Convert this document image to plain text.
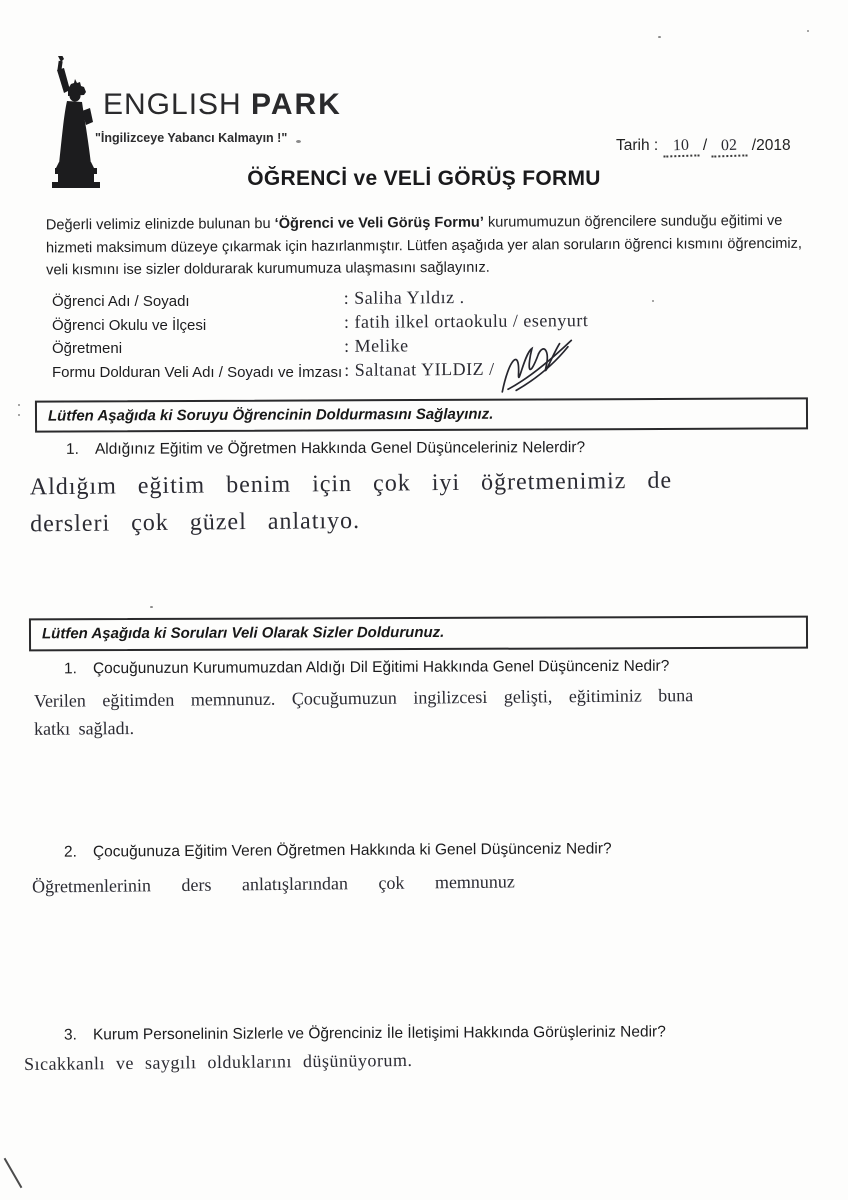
ENGLISH PARK
"İngilizceye Yabancı Kalmayın !"	Tarih : 10 / 02 /2018
ÖĞRENCİ ve VELİ GÖRÜŞ FORMU
Değerli velimiz elinizde bulunan bu ‘Öğrenci ve Veli Görüş Formu’ kurumumuzun öğrencilere sunduğu eğitimi ve
hizmeti maksimum düzeye çıkarmak için hazırlanmıştır. Lütfen aşağıda yer alan soruların öğrenci kısmını öğrencimiz,
veli kısmını ise sizler doldurarak kurumumuza ulaşmasını sağlayınız.
Öğrenci Adı / Soyadı
Öğrenci Okulu ve İlçesi
Öğretmeni
Formu Dolduran Veli Adı / Soyadı ve İmzası
: Saliha Yıldız .
: fatih ilkel ortaokulu / esenyurt
: Melike
: Saltanat YILDIZ /
Lütfen Aşağıda ki Soruyu Öğrencinin Doldurmasını Sağlayınız.
1. Aldığınız Eğitim ve Öğretmen Hakkında Genel Düşünceleriniz Nelerdir?
Aldığım eğitim benim için çok iyi öğretmenimiz de
dersleri çok güzel anlatıyo.
Lütfen Aşağıda ki Soruları Veli Olarak Sizler Doldurunuz.
1. Çocuğunuzun Kurumumuzdan Aldığı Dil Eğitimi Hakkında Genel Düşünceniz Nedir?
Verilen eğitimden memnunuz. Çocuğumuzun ingilizcesi gelişti, eğitiminiz buna
katkı sağladı.
2. Çocuğunuza Eğitim Veren Öğretmen Hakkında ki Genel Düşünceniz Nedir?
Öğretmenlerinin ders anlatışlarından çok memnunuz
3. Kurum Personelinin Sizlerle ve Öğrenciniz İle İletişimi Hakkında Görüşleriniz Nedir?
Sıcakkanlı ve saygılı olduklarını düşünüyorum.
